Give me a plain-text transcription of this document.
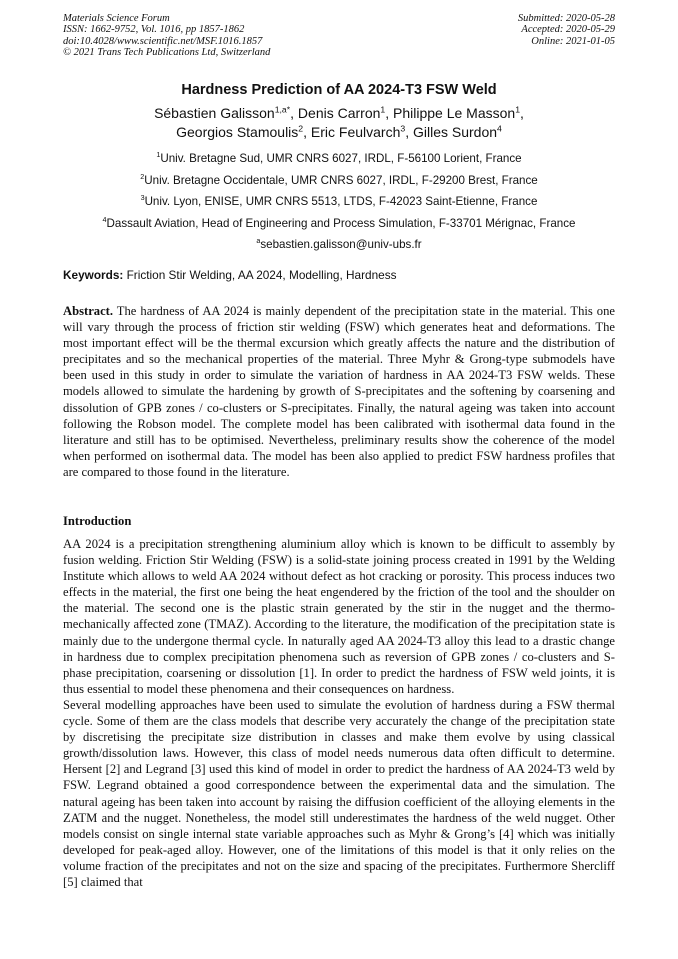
Materials Science Forum
ISSN: 1662-9752, Vol. 1016, pp 1857-1862
doi:10.4028/www.scientific.net/MSF.1016.1857
© 2021 Trans Tech Publications Ltd, Switzerland
Submitted: 2020-05-28
Accepted: 2020-05-29
Online: 2021-01-05
Hardness Prediction of AA 2024-T3 FSW Weld
Sébastien Galisson$^{1,a*}$, Denis Carron$^1$, Philippe Le Masson$^1$,
Georgios Stamoulis$^2$, Eric Feulvarch$^3$, Gilles Surdon$^4$
$^1$Univ. Bretagne Sud, UMR CNRS 6027, IRDL, F-56100 Lorient, France
$^2$Univ. Bretagne Occidentale, UMR CNRS 6027, IRDL, F-29200 Brest, France
$^3$Univ. Lyon, ENISE, UMR CNRS 5513, LTDS, F-42023 Saint-Etienne, France
$^4$Dassault Aviation, Head of Engineering and Process Simulation, F-33701 Mérignac, France
$^a$sebastien.galisson@univ-ubs.fr
Keywords: Friction Stir Welding, AA 2024, Modelling, Hardness
Abstract. The hardness of AA 2024 is mainly dependent of the precipitation state in the material. This one will vary through the process of friction stir welding (FSW) which generates heat and deformations. The most important effect will be the thermal excursion which greatly affects the nature and the distribution of precipitates and so the mechanical properties of the material. Three Myhr & Grong-type submodels have been used in this study in order to simulate the variation of hardness in AA 2024-T3 FSW welds. These models allowed to simulate the hardening by growth of S-precipitates and the softening by coarsening and dissolution of GPB zones / co-clusters or S-precipitates. Finally, the natural ageing was taken into account following the Robson model. The complete model has been calibrated with isothermal data found in the literature and still has to be optimised. Nevertheless, preliminary results show the coherence of the model when performed on isothermal data. The model has been also applied to predict FSW hardness profiles that are compared to those found in the literature.
Introduction

AA 2024 is a precipitation strengthening aluminium alloy which is known to be difficult to assembly by fusion welding. Friction Stir Welding (FSW) is a solid-state joining process created in 1991 by the Welding Institute which allows to weld AA 2024 without defect as hot cracking or porosity. This process induces two effects in the material, the first one being the heat engendered by the friction of the tool and the shoulder on the material. The second one is the plastic strain generated by the stir in the nugget and the thermo-mechanically affected zone (TMAZ). According to the literature, the modification of the precipitation state is mainly due to the undergone thermal cycle. In naturally aged AA 2024-T3 alloy this lead to a drastic change in hardness due to complex precipitation phenomena such as reversion of GPB zones / co-clusters and S-phase precipitation, coarsening or dissolution [1]. In order to predict the hardness of FSW weld joints, it is thus essential to model these phenomena and their consequences on hardness.

Several modelling approaches have been used to simulate the evolution of hardness during a FSW thermal cycle. Some of them are the class models that describe very accurately the change of the precipitation state by discretising the precipitate size distribution in classes and make them evolve by using classical growth/dissolution laws. However, this class of model needs numerous data often difficult to determine. Hersent [2] and Legrand [3] used this kind of model in order to predict the hardness of AA 2024-T3 weld by FSW. Legrand obtained a good correspondence between the experimental data and the simulation. The natural ageing has been taken into account by raising the diffusion coefficient of the alloying elements in the ZATM and the nugget. Nonetheless, the model still underestimates the hardness of the weld nugget. Other models consist on single internal state variable approaches such as Myhr & Grong’s [4] which was initially developed for peak-aged alloy. However, one of the limitations of this model is that it only relies on the volume fraction of the precipitates and not on the size and spacing of the precipitates. Furthermore Shercliff [5] claimed that
